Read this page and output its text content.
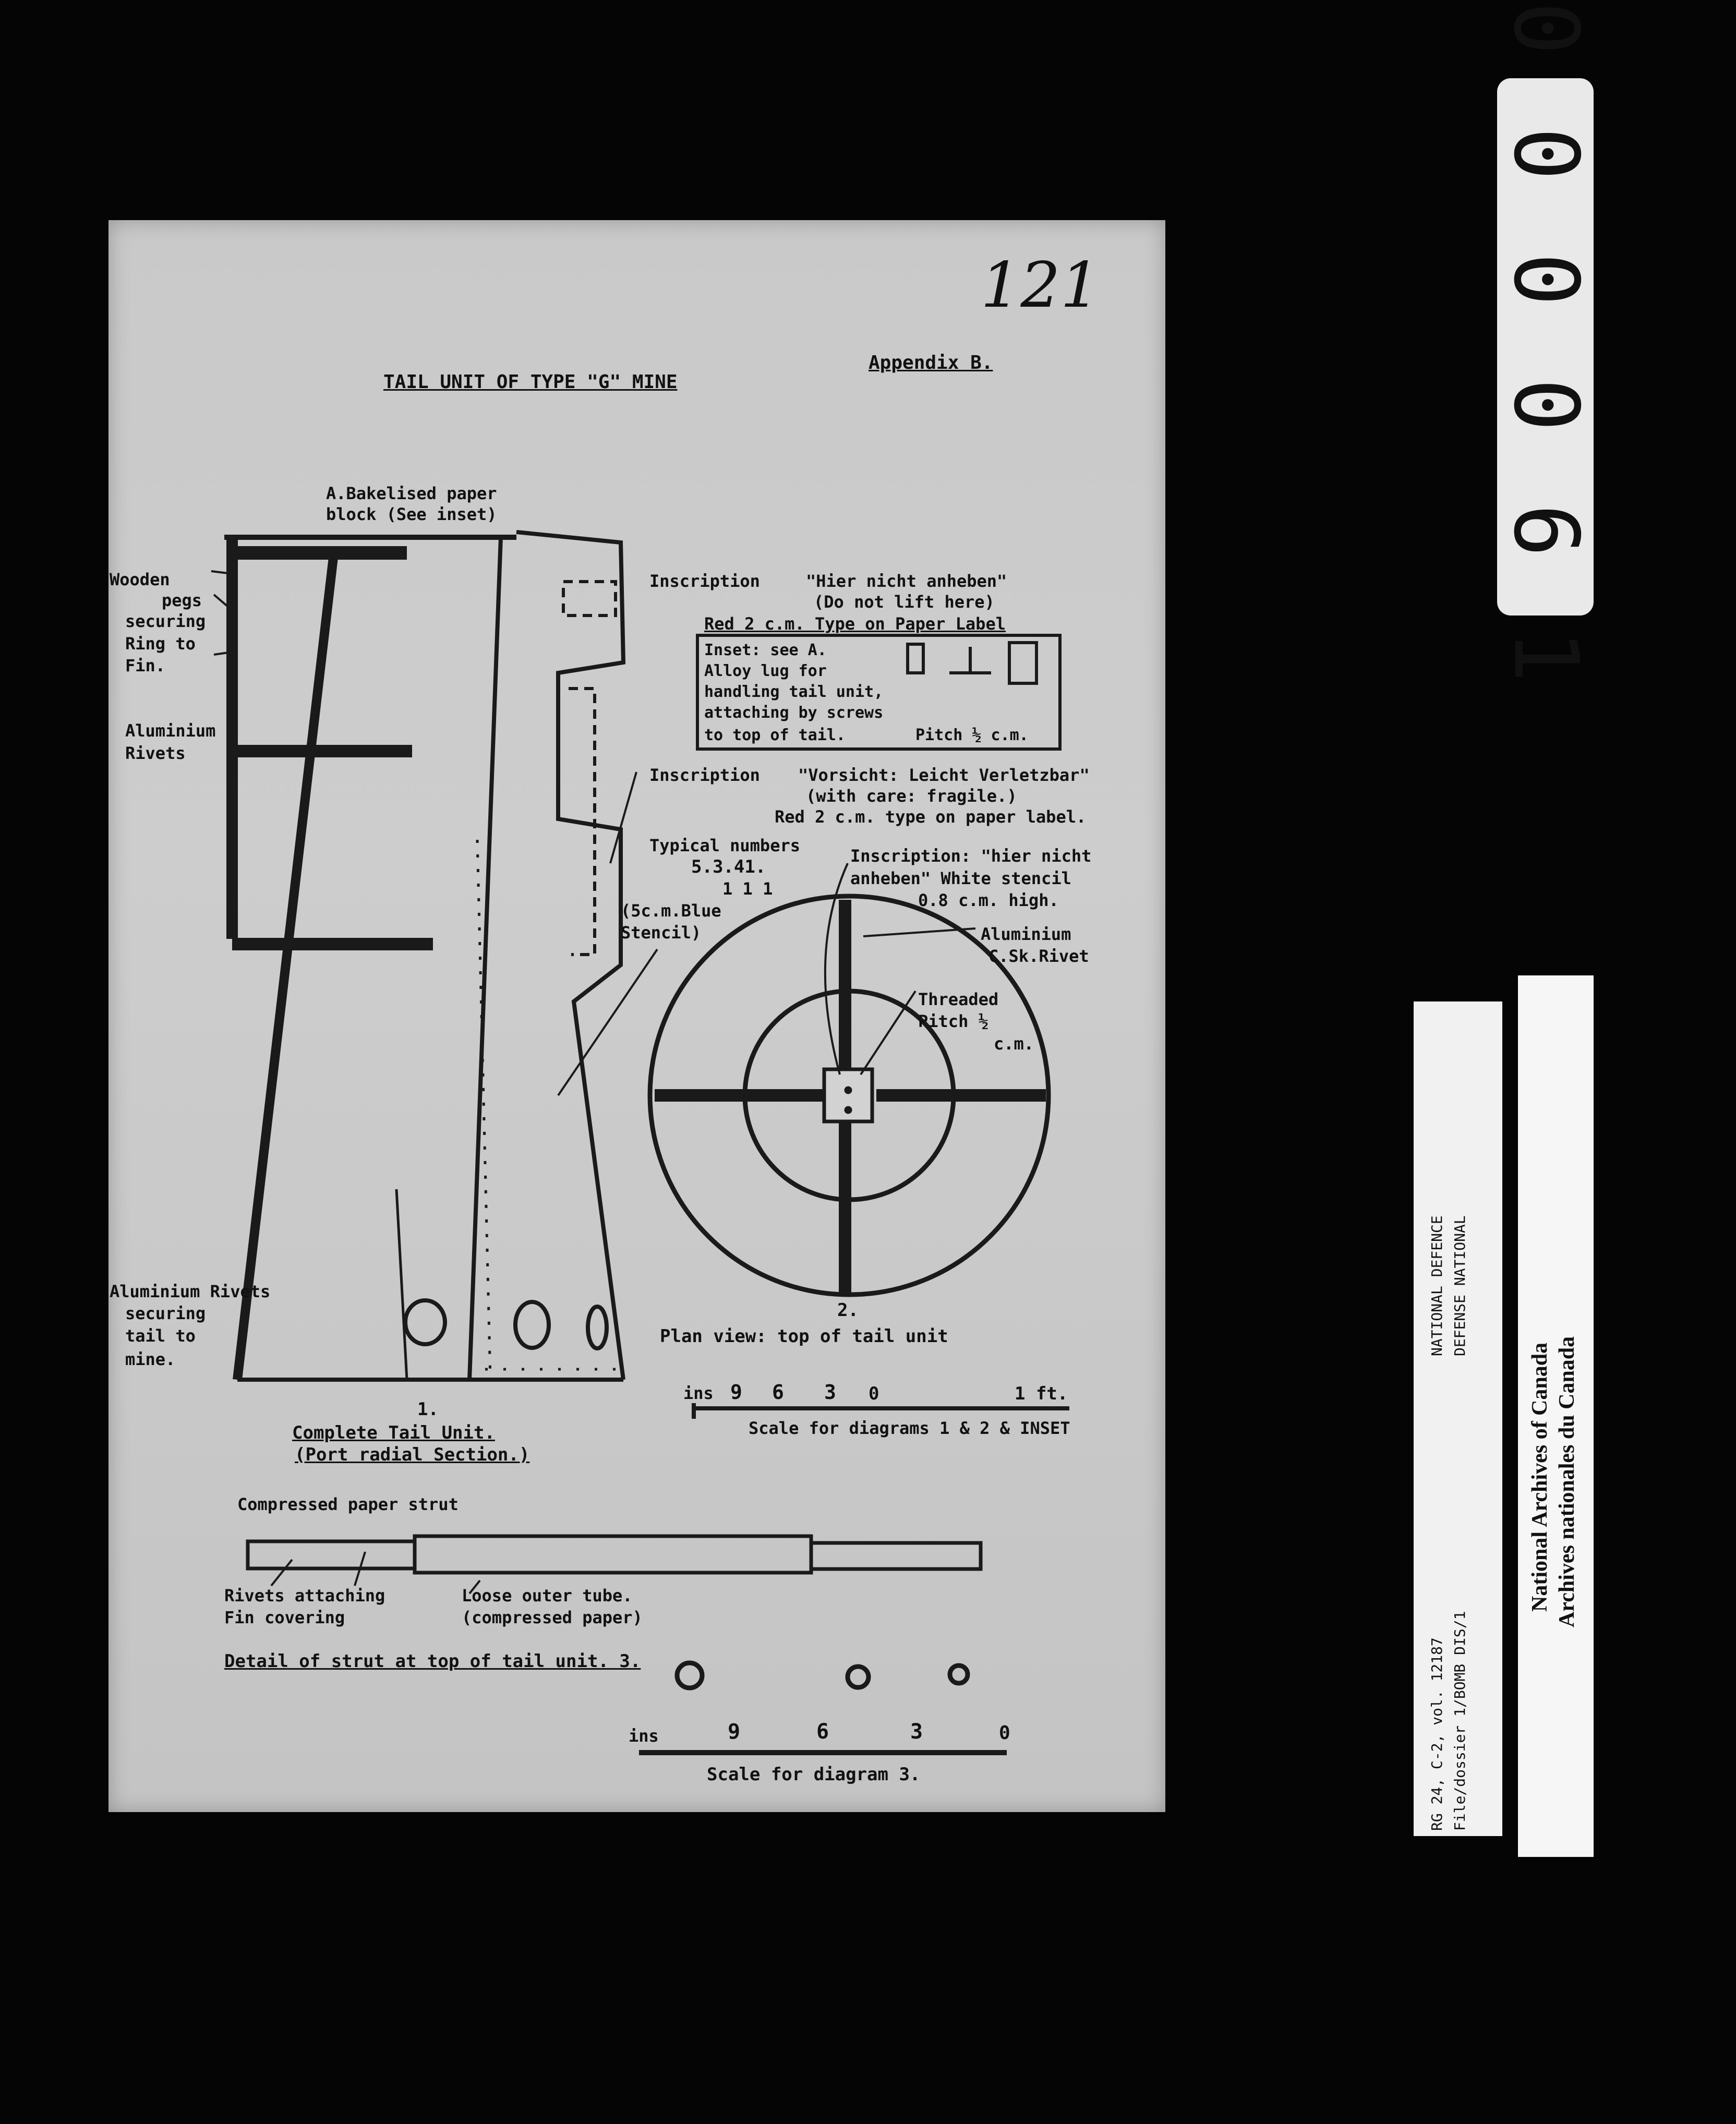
121
TAIL UNIT OF TYPE "G" MINE
Appendix B.
A.Bakelised paper
block (See inset)
Wooden
pegs
securing
Ring to
Fin.
Aluminium
Rivets
Aluminium Rivets
securing
tail to
mine.
Inscription	"Hier nicht anheben"
(Do not lift here)
Red 2 c.m. Type on Paper Label
Inset: see A.
Alloy lug for
handling tail unit,
attaching by screws
to top of tail.	Pitch ½ c.m.
Inscription "Vorsicht: Leicht Verletzbar"
(with care: fragile.)
Red 2 c.m. type on paper label.
Typical numbers
5.3.41.
1 1 1
(5c.m.Blue
Stencil)
Inscription: "hier nicht
anheben" White stencil
0.8 c.m. high.
Aluminium
C.Sk.Rivet
Threaded
Pitch ½
c.m.
1.
Complete Tail Unit.
(Port radial Section.)
2.
Plan view: top of tail unit
ins 9 6 3 0	1 ft.
Scale for diagrams 1 & 2 & INSET
Compressed paper strut
Rivets attaching
Fin covering
Loose outer tube.
(compressed paper)
Detail of strut at top of tail unit. 3.
ins	9	6	3	0
Scale for diagram 3.
0 0 0 0 6 1
RG 24, C-2, vol. 12187 File/dossier 1/BOMB DIS/1
NATIONAL DEFENCE DEFENSE NATIONAL
National Archives of Canada Archives nationales du Canada
